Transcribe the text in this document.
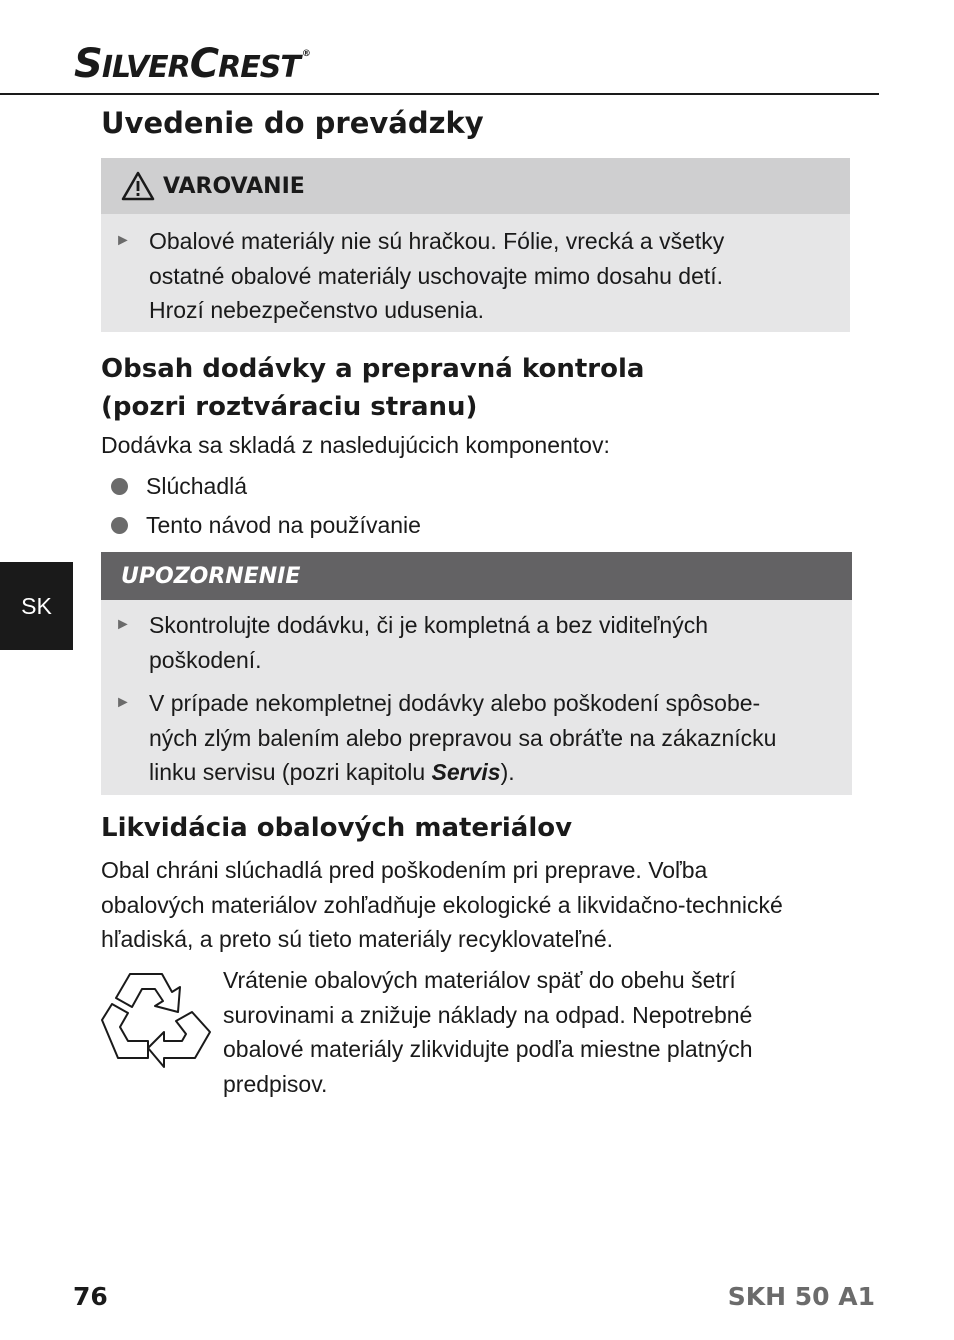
SILVERCREST ®
Uvedenie do prevádzky
VAROVANIE
► Obalové materiály nie sú hračkou. Fólie, vrecká a všetky
ostatné obalové materiály uschovajte mimo dosahu detí.
Hrozí nebezpečenstvo udusenia.
Obsah dodávky a prepravná kontrola
(pozri roztváraciu stranu)
Dodávka sa skladá z nasledujúcich komponentov:
Slúchadlá
Tento návod na používanie
UPOZORNENIE
► Skontrolujte dodávku, či je kompletná a bez viditeľných
poškodení.
► V prípade nekompletnej dodávky alebo poškodení spôsobe-
ných zlým balením alebo prepravou sa obráťte na zákaznícku
linku servisu (pozri kapitolu Servis).
Likvidácia obalových materiálov
Obal chráni slúchadlá pred poškodením pri preprave. Voľba
obalových materiálov zohľadňuje ekologické a likvidačno-technické
hľadiská, a preto sú tieto materiály recyklovateľné.
Vrátenie obalových materiálov späť do obehu šetrí
surovinami a znižuje náklady na odpad. Nepotrebné
obalové materiály zlikvidujte podľa miestne platných
predpisov.
SK
76	SKH 50 A1
